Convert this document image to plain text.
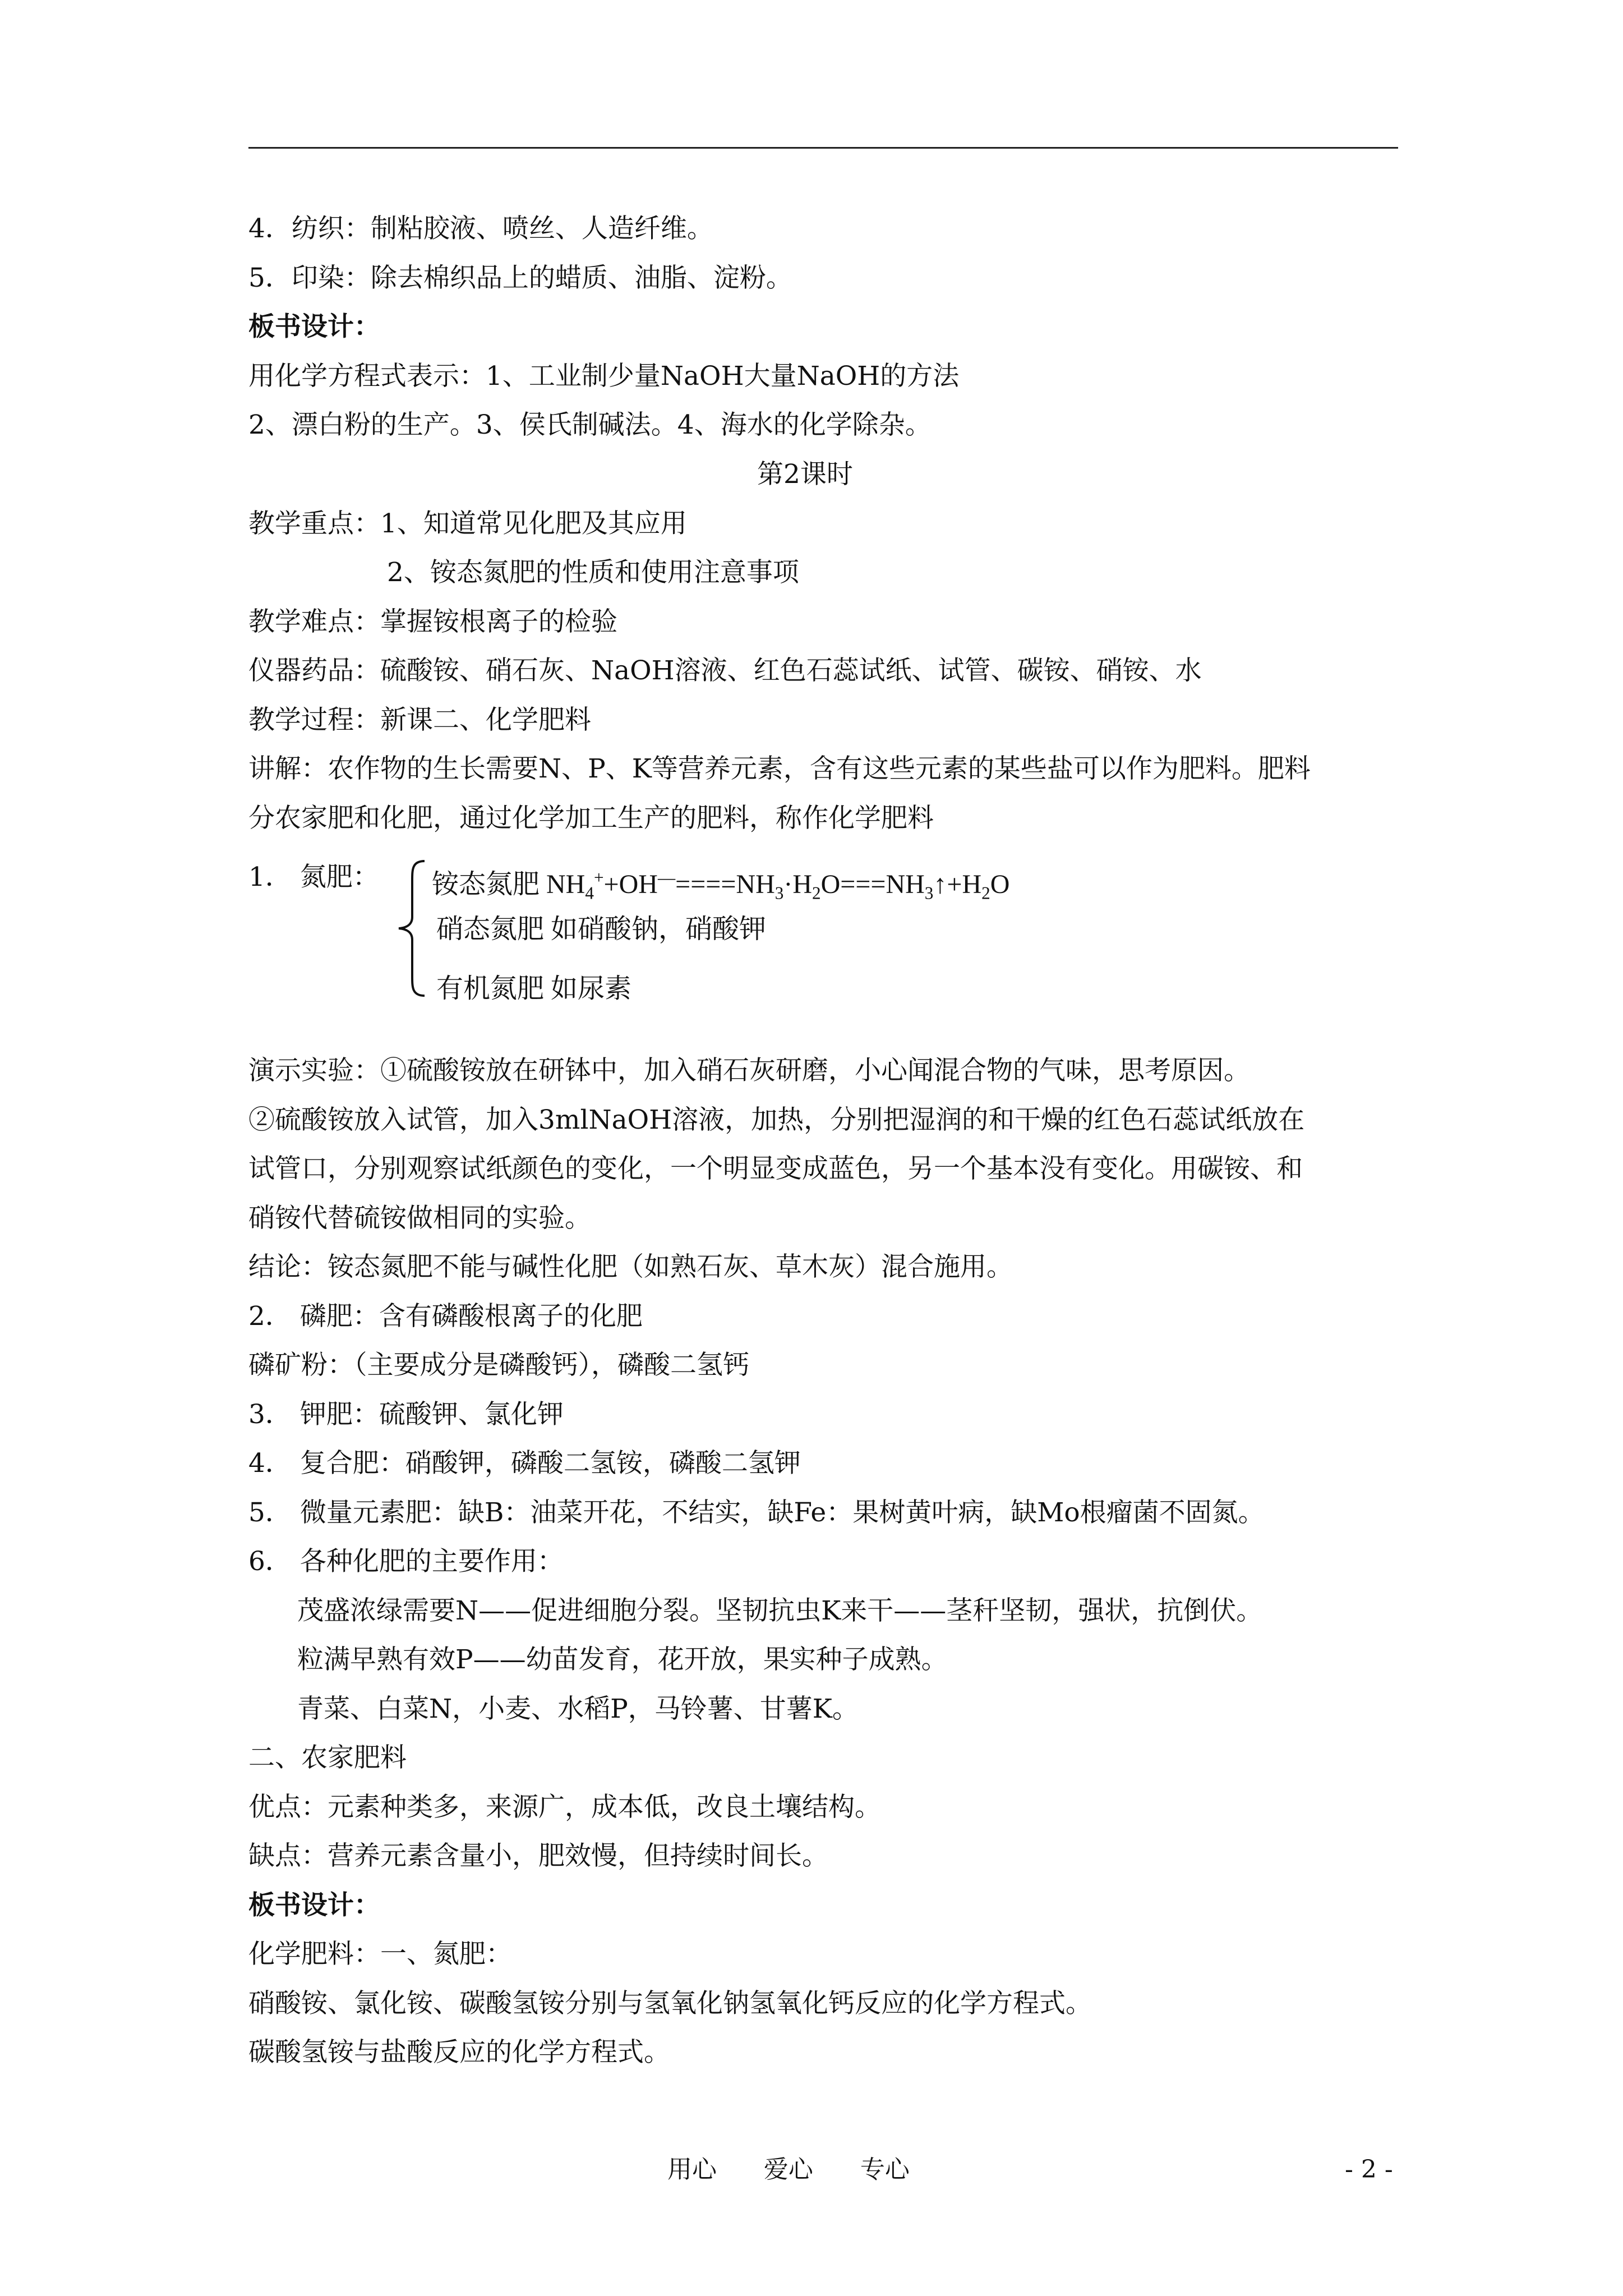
4．纺织：制粘胶液、喷丝、人造纤维。
5．印染：除去棉织品上的蜡质、油脂、淀粉。
板书设计：
用化学方程式表示：1、工业制少量NaOH大量NaOH的方法
2、漂白粉的生产。3、侯氏制碱法。4、海水的化学除杂。
第2课时
教学重点：1、知道常见化肥及其应用
2、铵态氮肥的性质和使用注意事项
教学难点：掌握铵根离子的检验
仪器药品：硫酸铵、硝石灰、NaOH溶液、红色石蕊试纸、试管、碳铵、硝铵、水
教学过程：新课二、化学肥料
讲解：农作物的生长需要N、P、K等营养元素，含有这些元素的某些盐可以作为肥料。肥料
分农家肥和化肥，通过化学加工生产的肥料，称作化学肥料
1． 氮肥： 铵态氮肥 $NH_4^++OH^—====NH_3\cdot H_2O===NH_3↑+H_2O$
硝态氮肥 如硝酸钠，硝酸钾
有机氮肥 如尿素
演示实验：①硫酸铵放在研钵中，加入硝石灰研磨，小心闻混合物的气味，思考原因。
②硫酸铵放入试管，加入3mlNaOH溶液，加热，分别把湿润的和干燥的红色石蕊试纸放在
试管口，分别观察试纸颜色的变化，一个明显变成蓝色，另一个基本没有变化。用碳铵、和
硝铵代替硫铵做相同的实验。
结论：铵态氮肥不能与碱性化肥（如熟石灰、草木灰）混合施用。
2． 磷肥：含有磷酸根离子的化肥
磷矿粉：（主要成分是磷酸钙），磷酸二氢钙
3． 钾肥：硫酸钾、氯化钾
4． 复合肥：硝酸钾，磷酸二氢铵，磷酸二氢钾
5． 微量元素肥：缺B：油菜开花，不结实，缺Fe：果树黄叶病，缺Mo根瘤菌不固氮。
6． 各种化肥的主要作用：
茂盛浓绿需要N——促进细胞分裂。坚韧抗虫K来干——茎秆坚韧，强状，抗倒伏。
粒满早熟有效P——幼苗发育，花开放，果实种子成熟。
青菜、白菜N，小麦、水稻P，马铃薯、甘薯K。
二、农家肥料
优点：元素种类多，来源广，成本低，改良土壤结构。
缺点：营养元素含量小，肥效慢，但持续时间长。
板书设计：
化学肥料：一、氮肥：
硝酸铵、氯化铵、碳酸氢铵分别与氢氧化钠氢氧化钙反应的化学方程式。
碳酸氢铵与盐酸反应的化学方程式。
用心      爱心      专心	- 2 -
